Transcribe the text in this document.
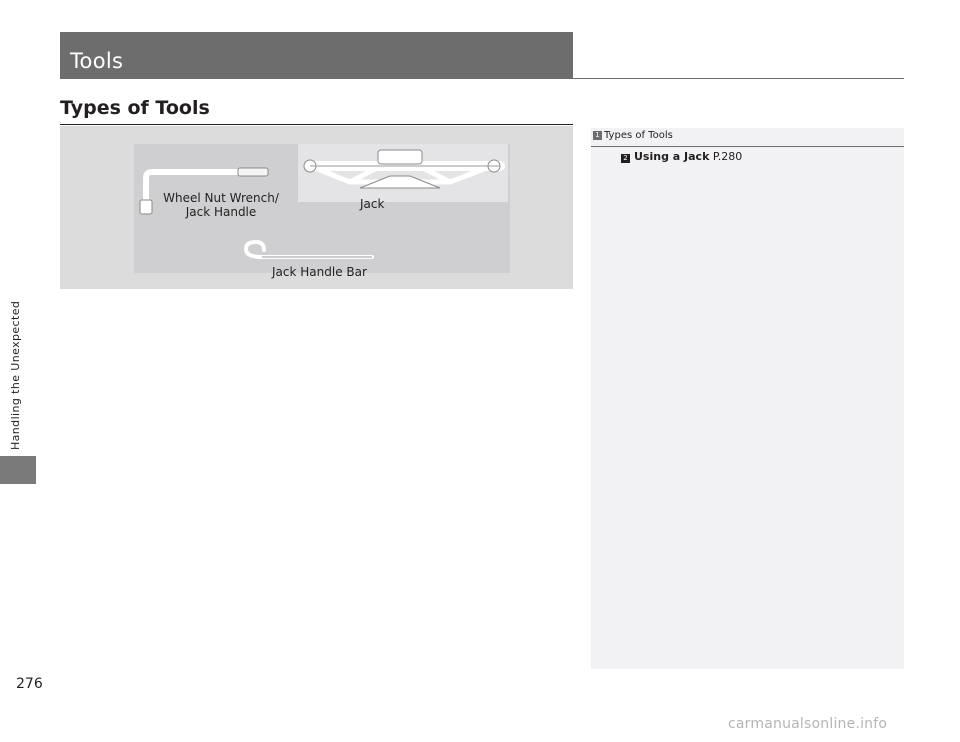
Handling the Unexpected
Tools
Types of Tools
Wheel Nut Wrench/
Jack Handle
Jack
Jack Handle Bar
1 Types of Tools
2 Using a Jack P.280
276
carmanualsonline.info
